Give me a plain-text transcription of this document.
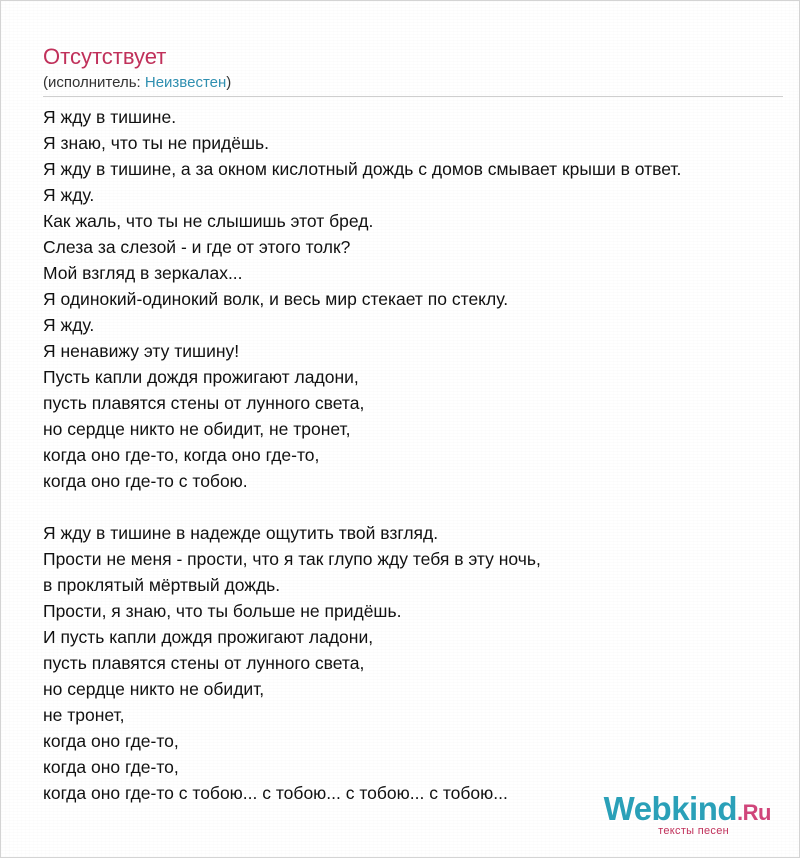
Отсутствует
(исполнитель: Неизвестен)
Я жду в тишине.
Я знаю, что ты не придёшь.
Я жду в тишине, а за окном кислотный дождь с домов смывает крыши в ответ.
Я жду.
Как жаль, что ты не слышишь этот бред.
Слеза за слезой - и где от этого толк?
Мой взгляд в зеркалах...
Я одинокий-одинокий волк, и весь мир стекает по стеклу.
Я жду.
Я ненавижу эту тишину!
Пусть капли дождя прожигают ладони,
пусть плавятся стены от лунного света,
но сердце никто не обидит, не тронет,
когда оно где-то, когда оно где-то,
когда оно где-то с тобою.
Я жду в тишине в надежде ощутить твой взгляд.
Прости не меня - прости, что я так глупо жду тебя в эту ночь,
в проклятый мёртвый дождь.
Прости, я знаю, что ты больше не придёшь.
И пусть капли дождя прожигают ладони,
пусть плавятся стены от лунного света,
но сердце никто не обидит,
не тронет,
когда оно где-то,
когда оно где-то,
когда оно где-то с тобою... с тобою... с тобою... с тобою...	Webkind.Ru
тексты песен
